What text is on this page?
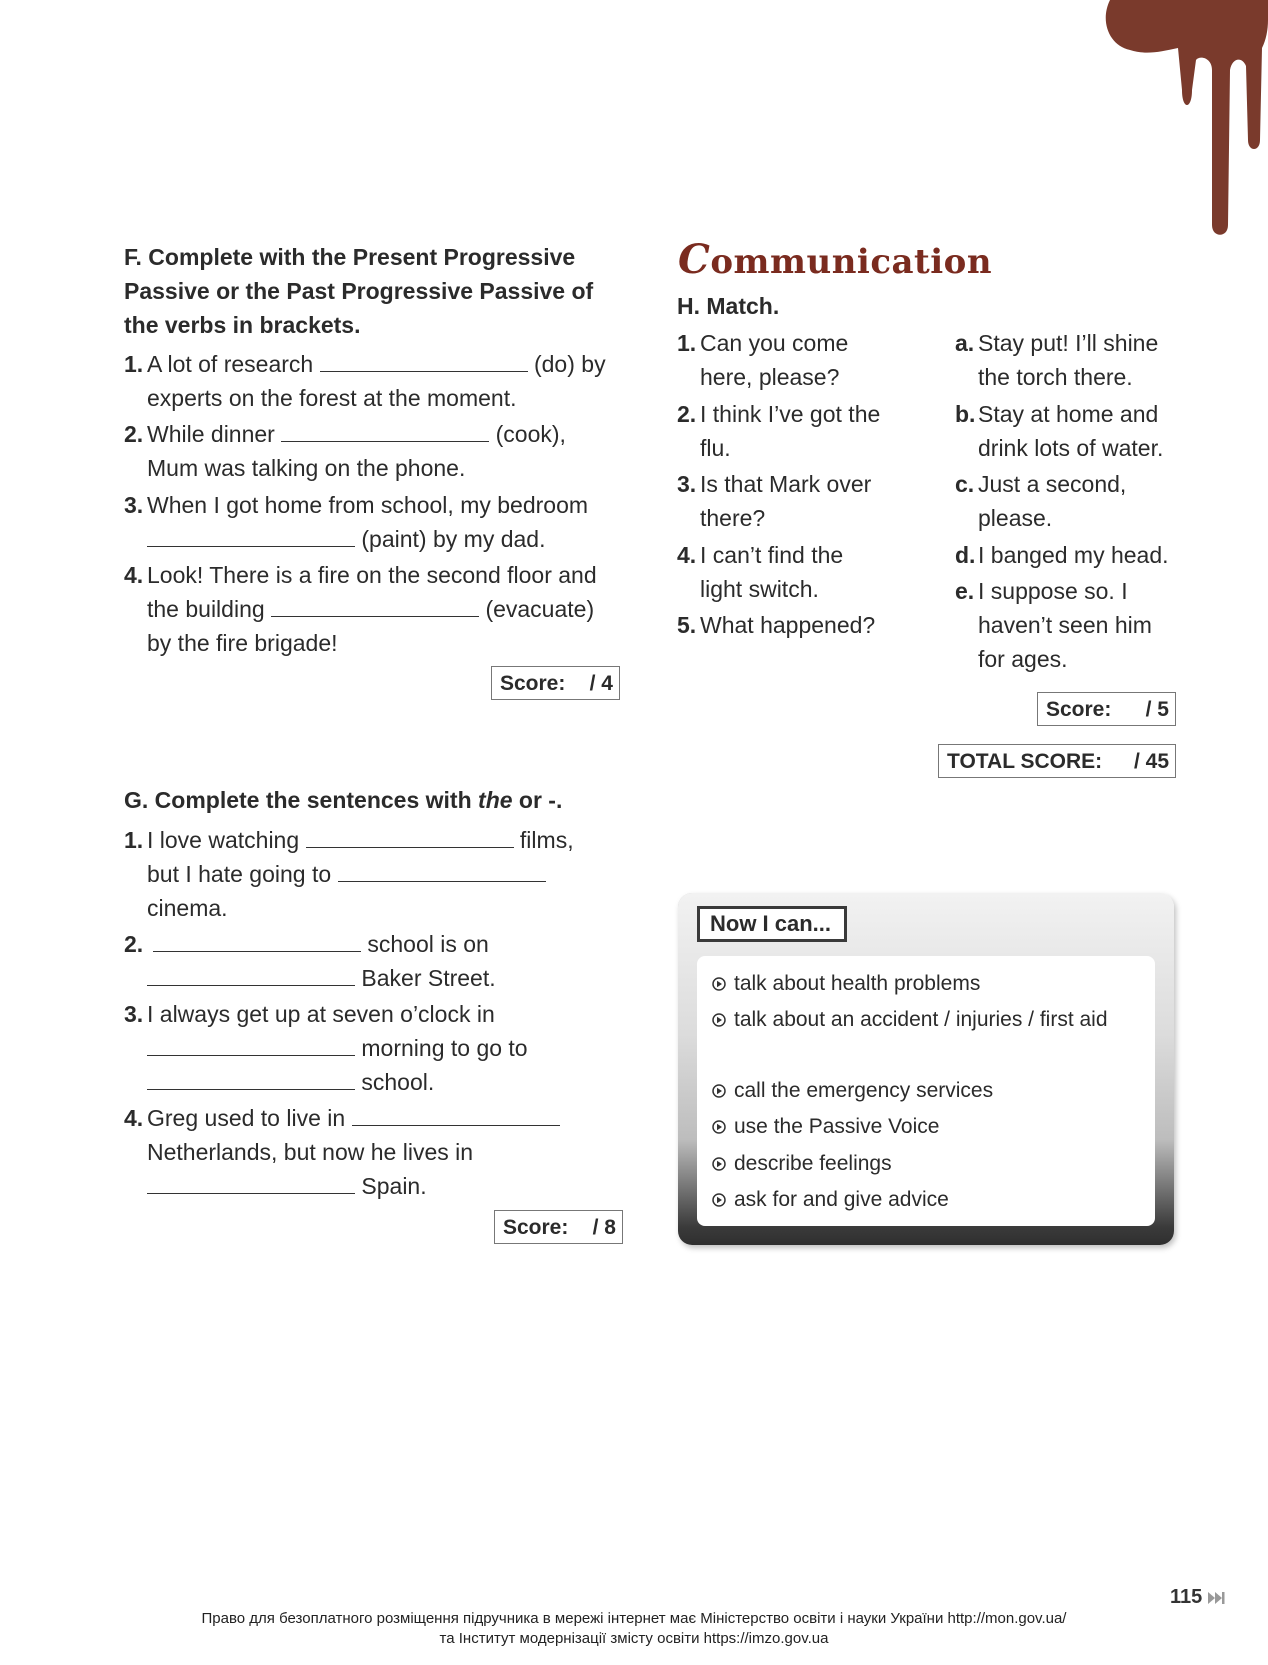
F. Complete with the Present Progressive Passive or the Past Progressive Passive of the verbs in brackets.
1. A lot of research	(do) by
experts on the forest at the moment.
2. While dinner	(cook),
Mum was talking on the phone.
3. When I got home from school, my bedroom
(paint) by my dad.
4. Look! There is a fire on the second floor and
the building	(evacuate)
by the fire brigade!
Score: / 4
G. Complete the sentences with the or -.
1. I love watching	films,
but I hate going to
cinema.
2.	school is on
Baker Street.
3. I always get up at seven o’clock in
morning to go to
school.
4. Greg used to live in
Netherlands, but now he lives in
Spain.
Score: / 8
Communication
H. Match.
1. Can you come
here, please?
2. I think I’ve got the
flu.
3. Is that Mark over
there?
4. I can’t find the
light switch.
5. What happened?
a. Stay put! I’ll shine
the torch there.
b. Stay at home and
drink lots of water.
c. Just a second,
please.
d. I banged my head.
e. I suppose so. I
haven’t seen him
for ages.
Score: / 5
TOTAL SCORE: / 45
Now I can...
talk about health problems
talk about an accident / injuries / first aid
call the emergency services
use the Passive Voice
describe feelings
ask for and give advice
115
Право для безоплатного розміщення підручника в мережі інтернет має Міністерство освіти і науки України http://mon.gov.ua/
та Інститут модернізації змісту освіти https://imzo.gov.ua
